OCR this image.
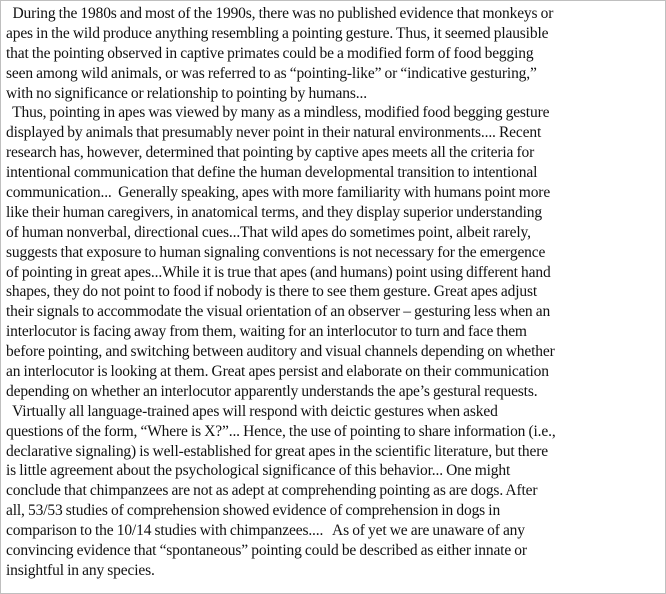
During the 1980s and most of the 1990s, there was no published evidence that monkeys or
apes in the wild produce anything resembling a pointing gesture. Thus, it seemed plausible
that the pointing observed in captive primates could be a modified form of food begging
seen among wild animals, or was referred to as “pointing-like” or “indicative gesturing,”
with no significance or relationship to pointing by humans...
Thus, pointing in apes was viewed by many as a mindless, modified food begging gesture
displayed by animals that presumably never point in their natural environments.... Recent
research has, however, determined that pointing by captive apes meets all the criteria for
intentional communication that define the human developmental transition to intentional
communication...  Generally speaking, apes with more familiarity with humans point more
like their human caregivers, in anatomical terms, and they display superior understanding
of human nonverbal, directional cues...That wild apes do sometimes point, albeit rarely,
suggests that exposure to human signaling conventions is not necessary for the emergence
of pointing in great apes...While it is true that apes (and humans) point using different hand
shapes, they do not point to food if nobody is there to see them gesture. Great apes adjust
their signals to accommodate the visual orientation of an observer – gesturing less when an
interlocutor is facing away from them, waiting for an interlocutor to turn and face them
before pointing, and switching between auditory and visual channels depending on whether
an interlocutor is looking at them. Great apes persist and elaborate on their communication
depending on whether an interlocutor apparently understands the ape’s gestural requests.
Virtually all language-trained apes will respond with deictic gestures when asked
questions of the form, “Where is X?”... Hence, the use of pointing to share information (i.e.,
declarative signaling) is well-established for great apes in the scientific literature, but there
is little agreement about the psychological significance of this behavior... One might
conclude that chimpanzees are not as adept at comprehending pointing as are dogs. After
all, 53/53 studies of comprehension showed evidence of comprehension in dogs in
comparison to the 10/14 studies with chimpanzees....   As of yet we are unaware of any
convincing evidence that “spontaneous” pointing could be described as either innate or
insightful in any species.
